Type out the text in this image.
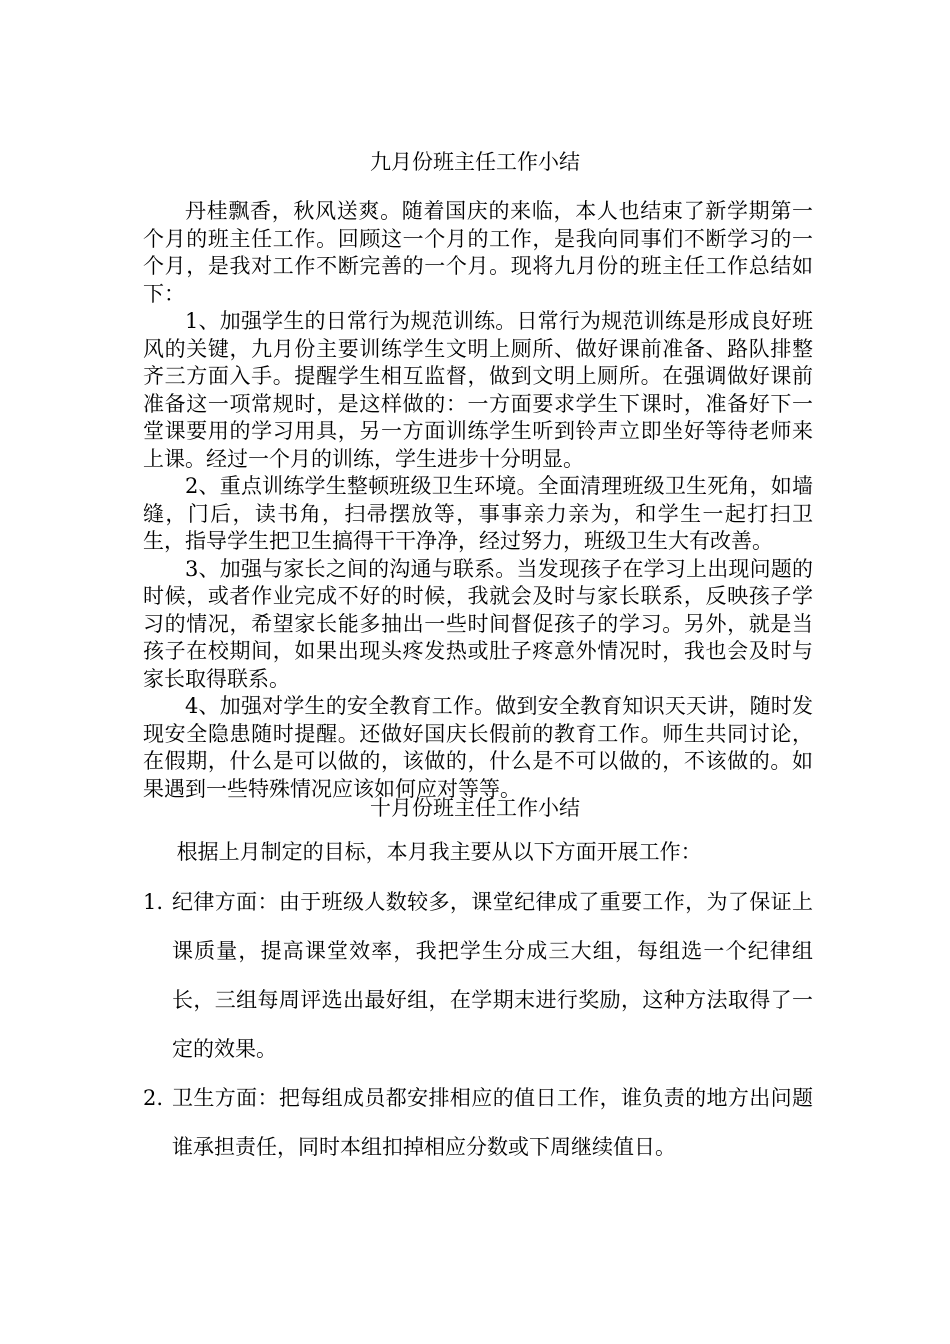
九月份班主任工作小结

丹桂飘香，秋风送爽。随着国庆的来临，本人也结束了新学期第一个月的班主任工作。回顾这一个月的工作，是我向同事们不断学习的一个月，是我对工作不断完善的一个月。现将九月份的班主任工作总结如下：

1、加强学生的日常行为规范训练。日常行为规范训练是形成良好班风的关键，九月份主要训练学生文明上厕所、做好课前准备、路队排整齐三方面入手。提醒学生相互监督，做到文明上厕所。在强调做好课前准备这一项常规时，是这样做的：一方面要求学生下课时，准备好下一堂课要用的学习用具，另一方面训练学生听到铃声立即坐好等待老师来上课。经过一个月的训练，学生进步十分明显。

2、重点训练学生整顿班级卫生环境。全面清理班级卫生死角，如墙缝，门后，读书角，扫帚摆放等，事事亲力亲为，和学生一起打扫卫生，指导学生把卫生搞得干干净净，经过努力，班级卫生大有改善。

3、加强与家长之间的沟通与联系。当发现孩子在学习上出现问题的时候，或者作业完成不好的时候，我就会及时与家长联系，反映孩子学习的情况，希望家长能多抽出一些时间督促孩子的学习。另外，就是当孩子在校期间，如果出现头疼发热或肚子疼意外情况时，我也会及时与家长取得联系。

4、加强对学生的安全教育工作。做到安全教育知识天天讲，随时发现安全隐患随时提醒。还做好国庆长假前的教育工作。师生共同讨论，在假期，什么是可以做的，该做的，什么是不可以做的，不该做的。如果遇到一些特殊情况应该如何应对等等。

十月份班主任工作小结

根据上月制定的目标，本月我主要从以下方面开展工作：

1. 纪律方面：由于班级人数较多，课堂纪律成了重要工作，为了保证上课质量，提高课堂效率，我把学生分成三大组，每组选一个纪律组长，三组每周评选出最好组，在学期末进行奖励，这种方法取得了一定的效果。
2. 卫生方面：把每组成员都安排相应的值日工作，谁负责的地方出问题谁承担责任，同时本组扣掉相应分数或下周继续值日。
